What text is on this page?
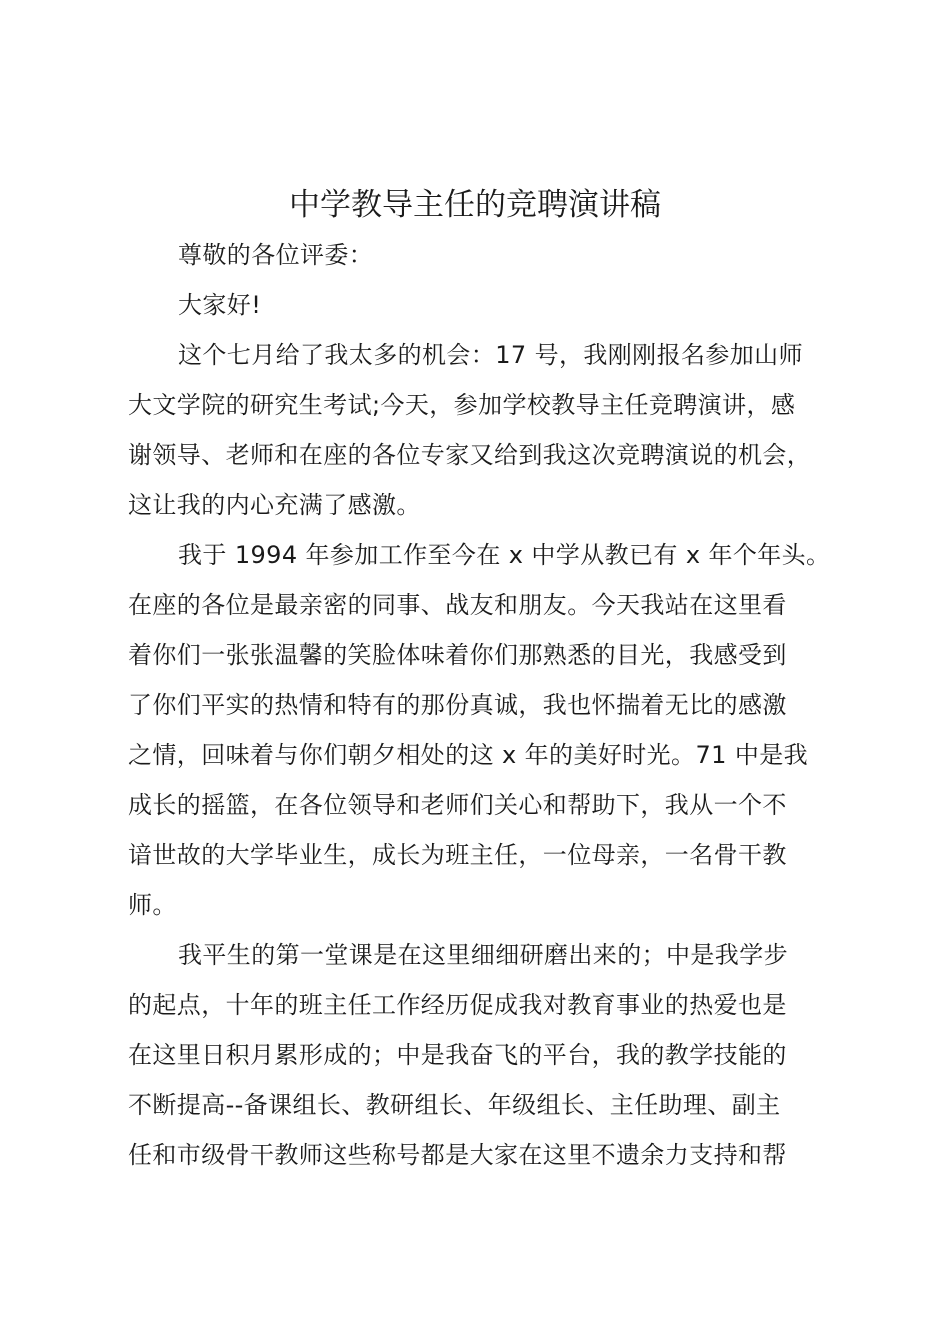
中学教导主任的竞聘演讲稿
尊敬的各位评委：
大家好!
这个七月给了我太多的机会：17 号，我刚刚报名参加山师
大文学院的研究生考试;今天，参加学校教导主任竞聘演讲，感
谢领导、老师和在座的各位专家又给到我这次竞聘演说的机会，
这让我的内心充满了感激。
我于 1994 年参加工作至今在 x 中学从教已有 x 年个年头。
在座的各位是最亲密的同事、战友和朋友。今天我站在这里看
着你们一张张温馨的笑脸体味着你们那熟悉的目光，我感受到
了你们平实的热情和特有的那份真诚，我也怀揣着无比的感激
之情，回味着与你们朝夕相处的这 x 年的美好时光。71 中是我
成长的摇篮，在各位领导和老师们关心和帮助下，我从一个不
谙世故的大学毕业生，成长为班主任，一位母亲，一名骨干教
师。
我平生的第一堂课是在这里细细研磨出来的；中是我学步
的起点，十年的班主任工作经历促成我对教育事业的热爱也是
在这里日积月累形成的；中是我奋飞的平台，我的教学技能的
不断提高--备课组长、教研组长、年级组长、主任助理、副主
任和市级骨干教师这些称号都是大家在这里不遗余力支持和帮
